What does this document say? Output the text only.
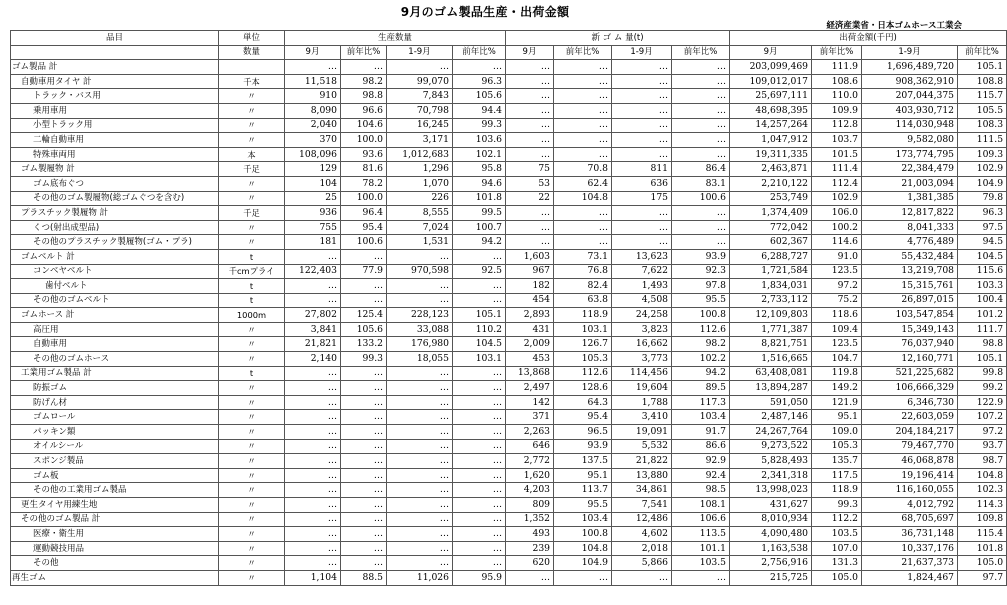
9月のゴム製品生産・出荷金額
経済産業省・日本ゴムホース工業会
品目	単位	生産数量				新 ゴ ム 量(t)				出荷金額(千円)			
	数量	9月	前年比%	1-9月	前年比%	9月	前年比%	1-9月	前年比%	9月	前年比%	1-9月	前年比%
ゴム製品 計		…	…	…	…	…	…	…	…	203,099,469	111.9	1,696,489,720	105.1
自動車用タイヤ 計	千本	11,518	98.2	99,070	96.3	…	…	…	…	109,012,017	108.6	908,362,910	108.8
トラック・バス用	〃	910	98.8	7,843	105.6	…	…	…	…	25,697,111	110.0	207,044,375	115.7
乗用車用	〃	8,090	96.6	70,798	94.4	…	…	…	…	48,698,395	109.9	403,930,712	105.5
小型トラック用	〃	2,040	104.6	16,245	99.3	…	…	…	…	14,257,264	112.8	114,030,948	108.3
二輪自動車用	〃	370	100.0	3,171	103.6	…	…	…	…	1,047,912	103.7	9,582,080	111.5
特殊車両用	本	108,096	93.6	1,012,683	102.1	…	…	…	…	19,311,335	101.5	173,774,795	109.3
ゴム製履物 計	千足	129	81.6	1,296	95.8	75	70.8	811	86.4	2,463,871	111.4	22,384,479	102.9
ゴム底布ぐつ	〃	104	78.2	1,070	94.6	53	62.4	636	83.1	2,210,122	112.4	21,003,094	104.9
その他のゴム製履物(総ゴムぐつを含む)	〃	25	100.0	226	101.8	22	104.8	175	100.6	253,749	102.9	1,381,385	79.8
プラスチック製履物 計	千足	936	96.4	8,555	99.5	…	…	…	…	1,374,409	106.0	12,817,822	96.3
くつ(射出成型品)	〃	755	95.4	7,024	100.7	…	…	…	…	772,042	100.2	8,041,333	97.5
その他のプラスチック製履物(ゴム・プラ)	〃	181	100.6	1,531	94.2	…	…	…	…	602,367	114.6	4,776,489	94.5
ゴムベルト 計	t	…	…	…	…	1,603	73.1	13,623	93.9	6,288,727	91.0	55,432,484	104.5
コンベヤベルト	千cmプライ	122,403	77.9	970,598	92.5	967	76.8	7,622	92.3	1,721,584	123.5	13,219,708	115.6
歯付ベルト	t	…	…	…	…	182	82.4	1,493	97.8	1,834,031	97.2	15,315,761	103.3
その他のゴムベルト	t	…	…	…	…	454	63.8	4,508	95.5	2,733,112	75.2	26,897,015	100.4
ゴムホース 計	1000m	27,802	125.4	228,123	105.1	2,893	118.9	24,258	100.8	12,109,803	118.6	103,547,854	101.2
高圧用	〃	3,841	105.6	33,088	110.2	431	103.1	3,823	112.6	1,771,387	109.4	15,349,143	111.7
自動車用	〃	21,821	133.2	176,980	104.5	2,009	126.7	16,662	98.2	8,821,751	123.5	76,037,940	98.8
その他のゴムホース	〃	2,140	99.3	18,055	103.1	453	105.3	3,773	102.2	1,516,665	104.7	12,160,771	105.1
工業用ゴム製品 計	t	…	…	…	…	13,868	112.6	114,456	94.2	63,408,081	119.8	521,225,682	99.8
防振ゴム	〃	…	…	…	…	2,497	128.6	19,604	89.5	13,894,287	149.2	106,666,329	99.2
防げん材	〃	…	…	…	…	142	64.3	1,788	117.3	591,050	121.9	6,346,730	122.9
ゴムロール	〃	…	…	…	…	371	95.4	3,410	103.4	2,487,146	95.1	22,603,059	107.2
パッキン類	〃	…	…	…	…	2,263	96.5	19,091	91.7	24,267,764	109.0	204,184,217	97.2
オイルシール	〃	…	…	…	…	646	93.9	5,532	86.6	9,273,522	105.3	79,467,770	93.7
スポンジ製品	〃	…	…	…	…	2,772	137.5	21,822	92.9	5,828,493	135.7	46,068,878	98.7
ゴム板	〃	…	…	…	…	1,620	95.1	13,880	92.4	2,341,318	117.5	19,196,414	104.8
その他の工業用ゴム製品	〃	…	…	…	…	4,203	113.7	34,861	98.5	13,998,023	118.9	116,160,055	102.3
更生タイヤ用練生地	〃	…	…	…	…	809	95.5	7,541	108.1	431,627	99.3	4,012,792	114.3
その他のゴム製品 計	〃	…	…	…	…	1,352	103.4	12,486	106.6	8,010,934	112.2	68,705,697	109.8
医療・衛生用	〃	…	…	…	…	493	100.8	4,602	113.5	4,090,480	103.5	36,731,148	115.4
運動競技用品	〃	…	…	…	…	239	104.8	2,018	101.1	1,163,538	107.0	10,337,176	101.8
その他	〃	…	…	…	…	620	104.9	5,866	103.5	2,756,916	131.3	21,637,373	105.0
再生ゴム	〃	1,104	88.5	11,026	95.9	…	…	…	…	215,725	105.0	1,824,467	97.7
